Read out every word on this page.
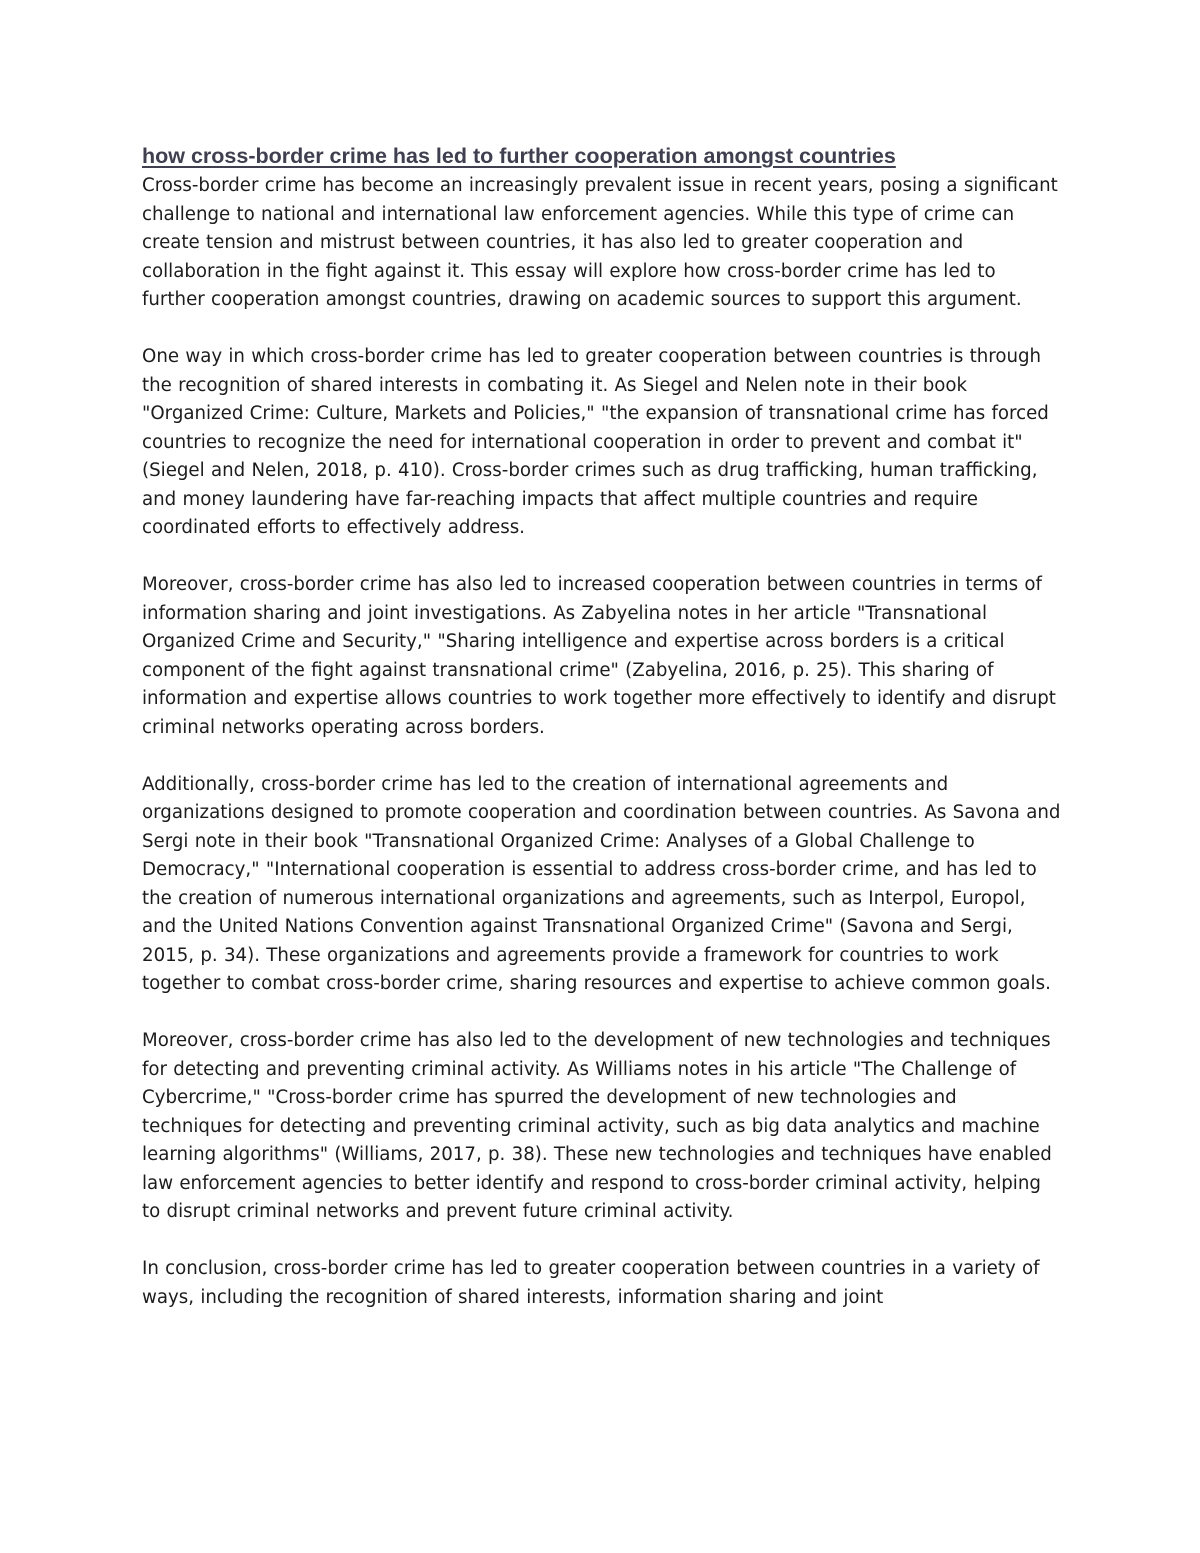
how cross-border crime has led to further cooperation amongst countries

Cross-border crime has become an increasingly prevalent issue in recent years, posing a significant challenge to national and international law enforcement agencies. While this type of crime can create tension and mistrust between countries, it has also led to greater cooperation and collaboration in the fight against it. This essay will explore how cross-border crime has led to further cooperation amongst countries, drawing on academic sources to support this argument.

One way in which cross-border crime has led to greater cooperation between countries is through the recognition of shared interests in combating it. As Siegel and Nelen note in their book "Organized Crime: Culture, Markets and Policies," "the expansion of transnational crime has forced countries to recognize the need for international cooperation in order to prevent and combat it" (Siegel and Nelen, 2018, p. 410). Cross-border crimes such as drug trafficking, human trafficking, and money laundering have far-reaching impacts that affect multiple countries and require coordinated efforts to effectively address.

Moreover, cross-border crime has also led to increased cooperation between countries in terms of information sharing and joint investigations. As Zabyelina notes in her article "Transnational Organized Crime and Security," "Sharing intelligence and expertise across borders is a critical component of the fight against transnational crime" (Zabyelina, 2016, p. 25). This sharing of information and expertise allows countries to work together more effectively to identify and disrupt criminal networks operating across borders.

Additionally, cross-border crime has led to the creation of international agreements and organizations designed to promote cooperation and coordination between countries. As Savona and Sergi note in their book "Transnational Organized Crime: Analyses of a Global Challenge to Democracy," "International cooperation is essential to address cross-border crime, and has led to the creation of numerous international organizations and agreements, such as Interpol, Europol, and the United Nations Convention against Transnational Organized Crime" (Savona and Sergi, 2015, p. 34). These organizations and agreements provide a framework for countries to work together to combat cross-border crime, sharing resources and expertise to achieve common goals.

Moreover, cross-border crime has also led to the development of new technologies and techniques for detecting and preventing criminal activity. As Williams notes in his article "The Challenge of Cybercrime," "Cross-border crime has spurred the development of new technologies and techniques for detecting and preventing criminal activity, such as big data analytics and machine learning algorithms" (Williams, 2017, p. 38). These new technologies and techniques have enabled law enforcement agencies to better identify and respond to cross-border criminal activity, helping to disrupt criminal networks and prevent future criminal activity.

In conclusion, cross-border crime has led to greater cooperation between countries in a variety of ways, including the recognition of shared interests, information sharing and joint
